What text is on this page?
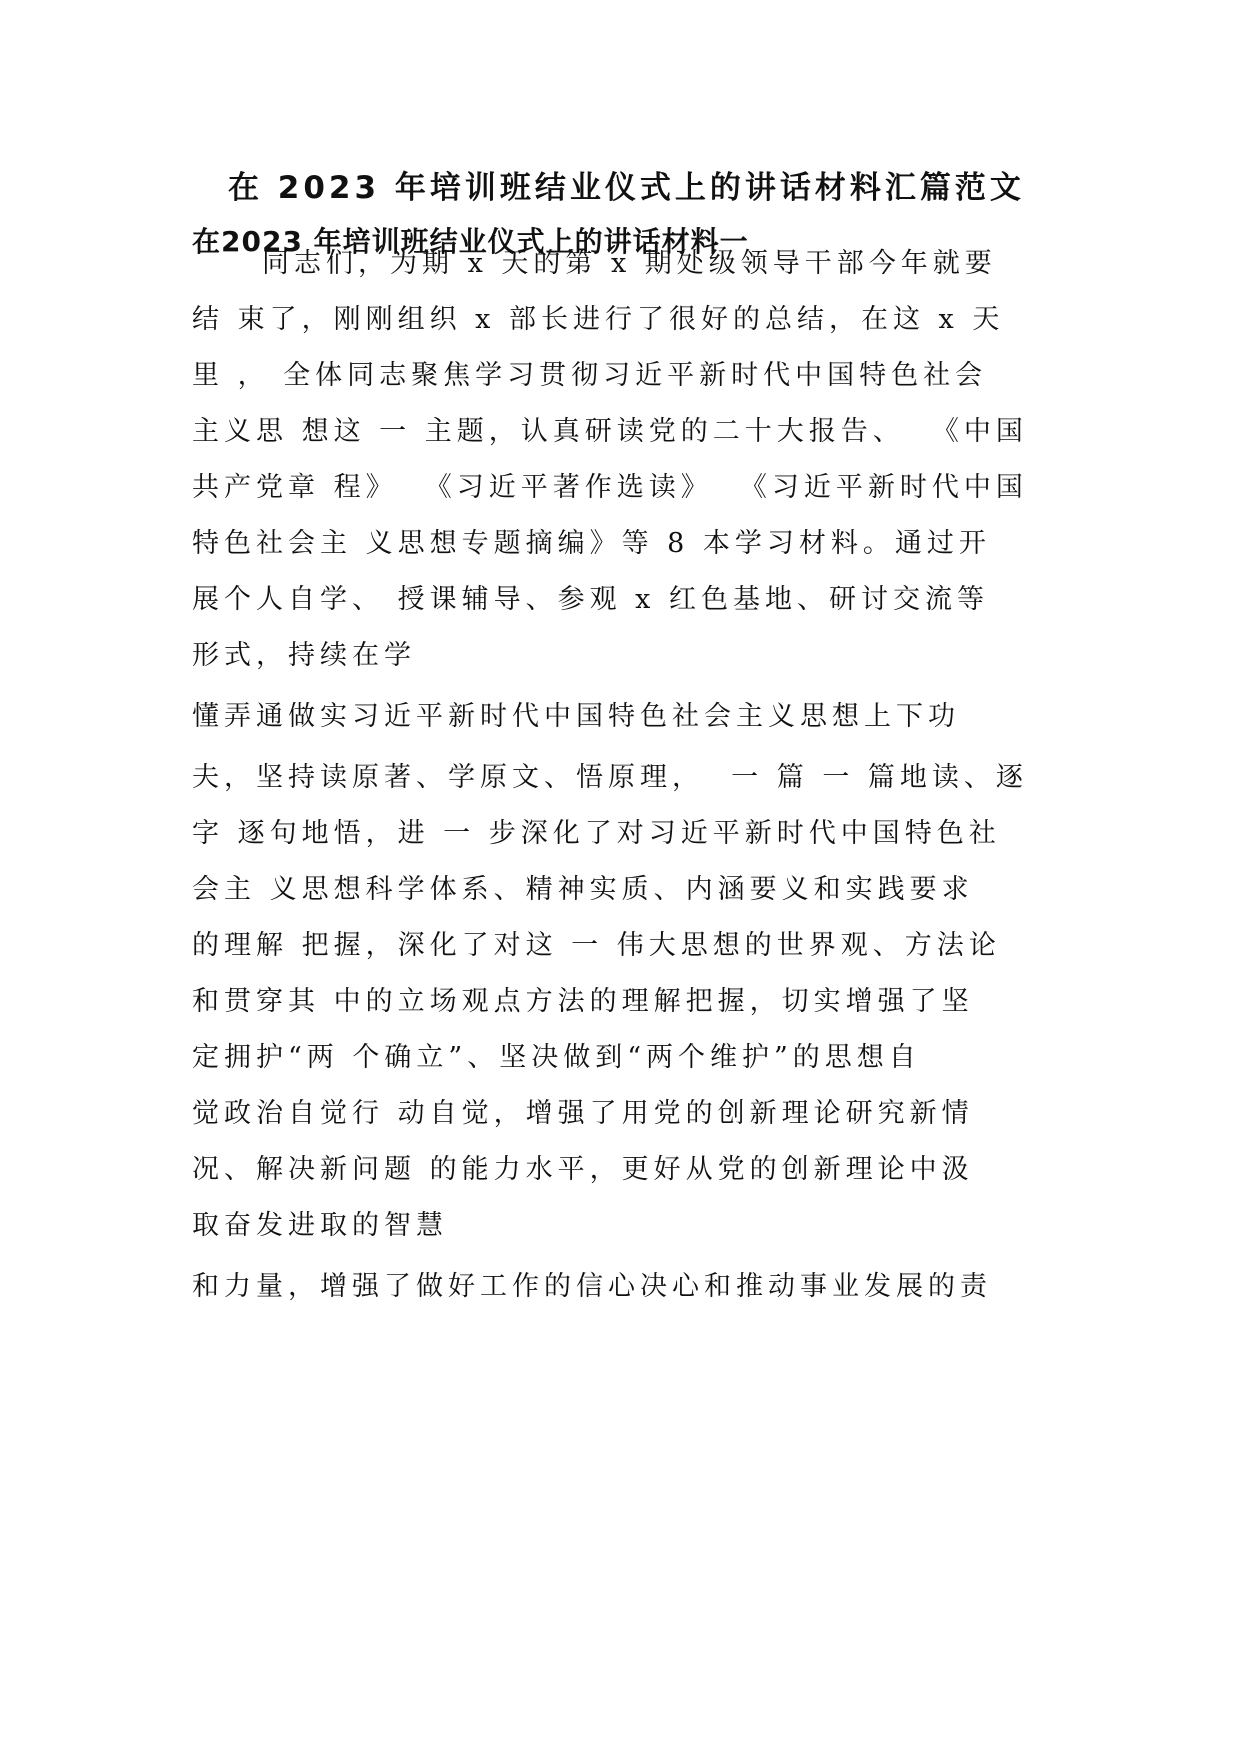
在 2023 年培训班结业仪式上的讲话材料汇篇范文
在2023 年培训班结业仪式上的讲话材料一

同志们，为期 x 天的第 x 期处级领导干部今年就要

结 束了，刚刚组织 x 部长进行了很好的总结，在这 x 天

里 ， 全体同志聚焦学习贯彻习近平新时代中国特色社会

主义思 想这 一 主题，认真研读党的二十大报告、  《中国

共产党章 程》  《习近平著作选读》  《习近平新时代中国

特色社会主 义思想专题摘编》等 8 本学习材料。通过开

展个人自学、 授课辅导、参观 x 红色基地、研讨交流等

形式，持续在学

懂弄通做实习近平新时代中国特色社会主义思想上下功

夫，坚持读原著、学原文、悟原理，  一 篇 一 篇地读、逐

字 逐句地悟，进 一 步深化了对习近平新时代中国特色社

会主 义思想科学体系、精神实质、内涵要义和实践要求

的理解 把握，深化了对这 一 伟大思想的世界观、方法论

和贯穿其 中的立场观点方法的理解把握，切实增强了坚

定拥护“两 个确立”、坚决做到“两个维护”的思想自

觉政治自觉行 动自觉，增强了用党的创新理论研究新情

况、解决新问题 的能力水平，更好从党的创新理论中汲

取奋发进取的智慧

和力量，增强了做好工作的信心决心和推动事业发展的责
